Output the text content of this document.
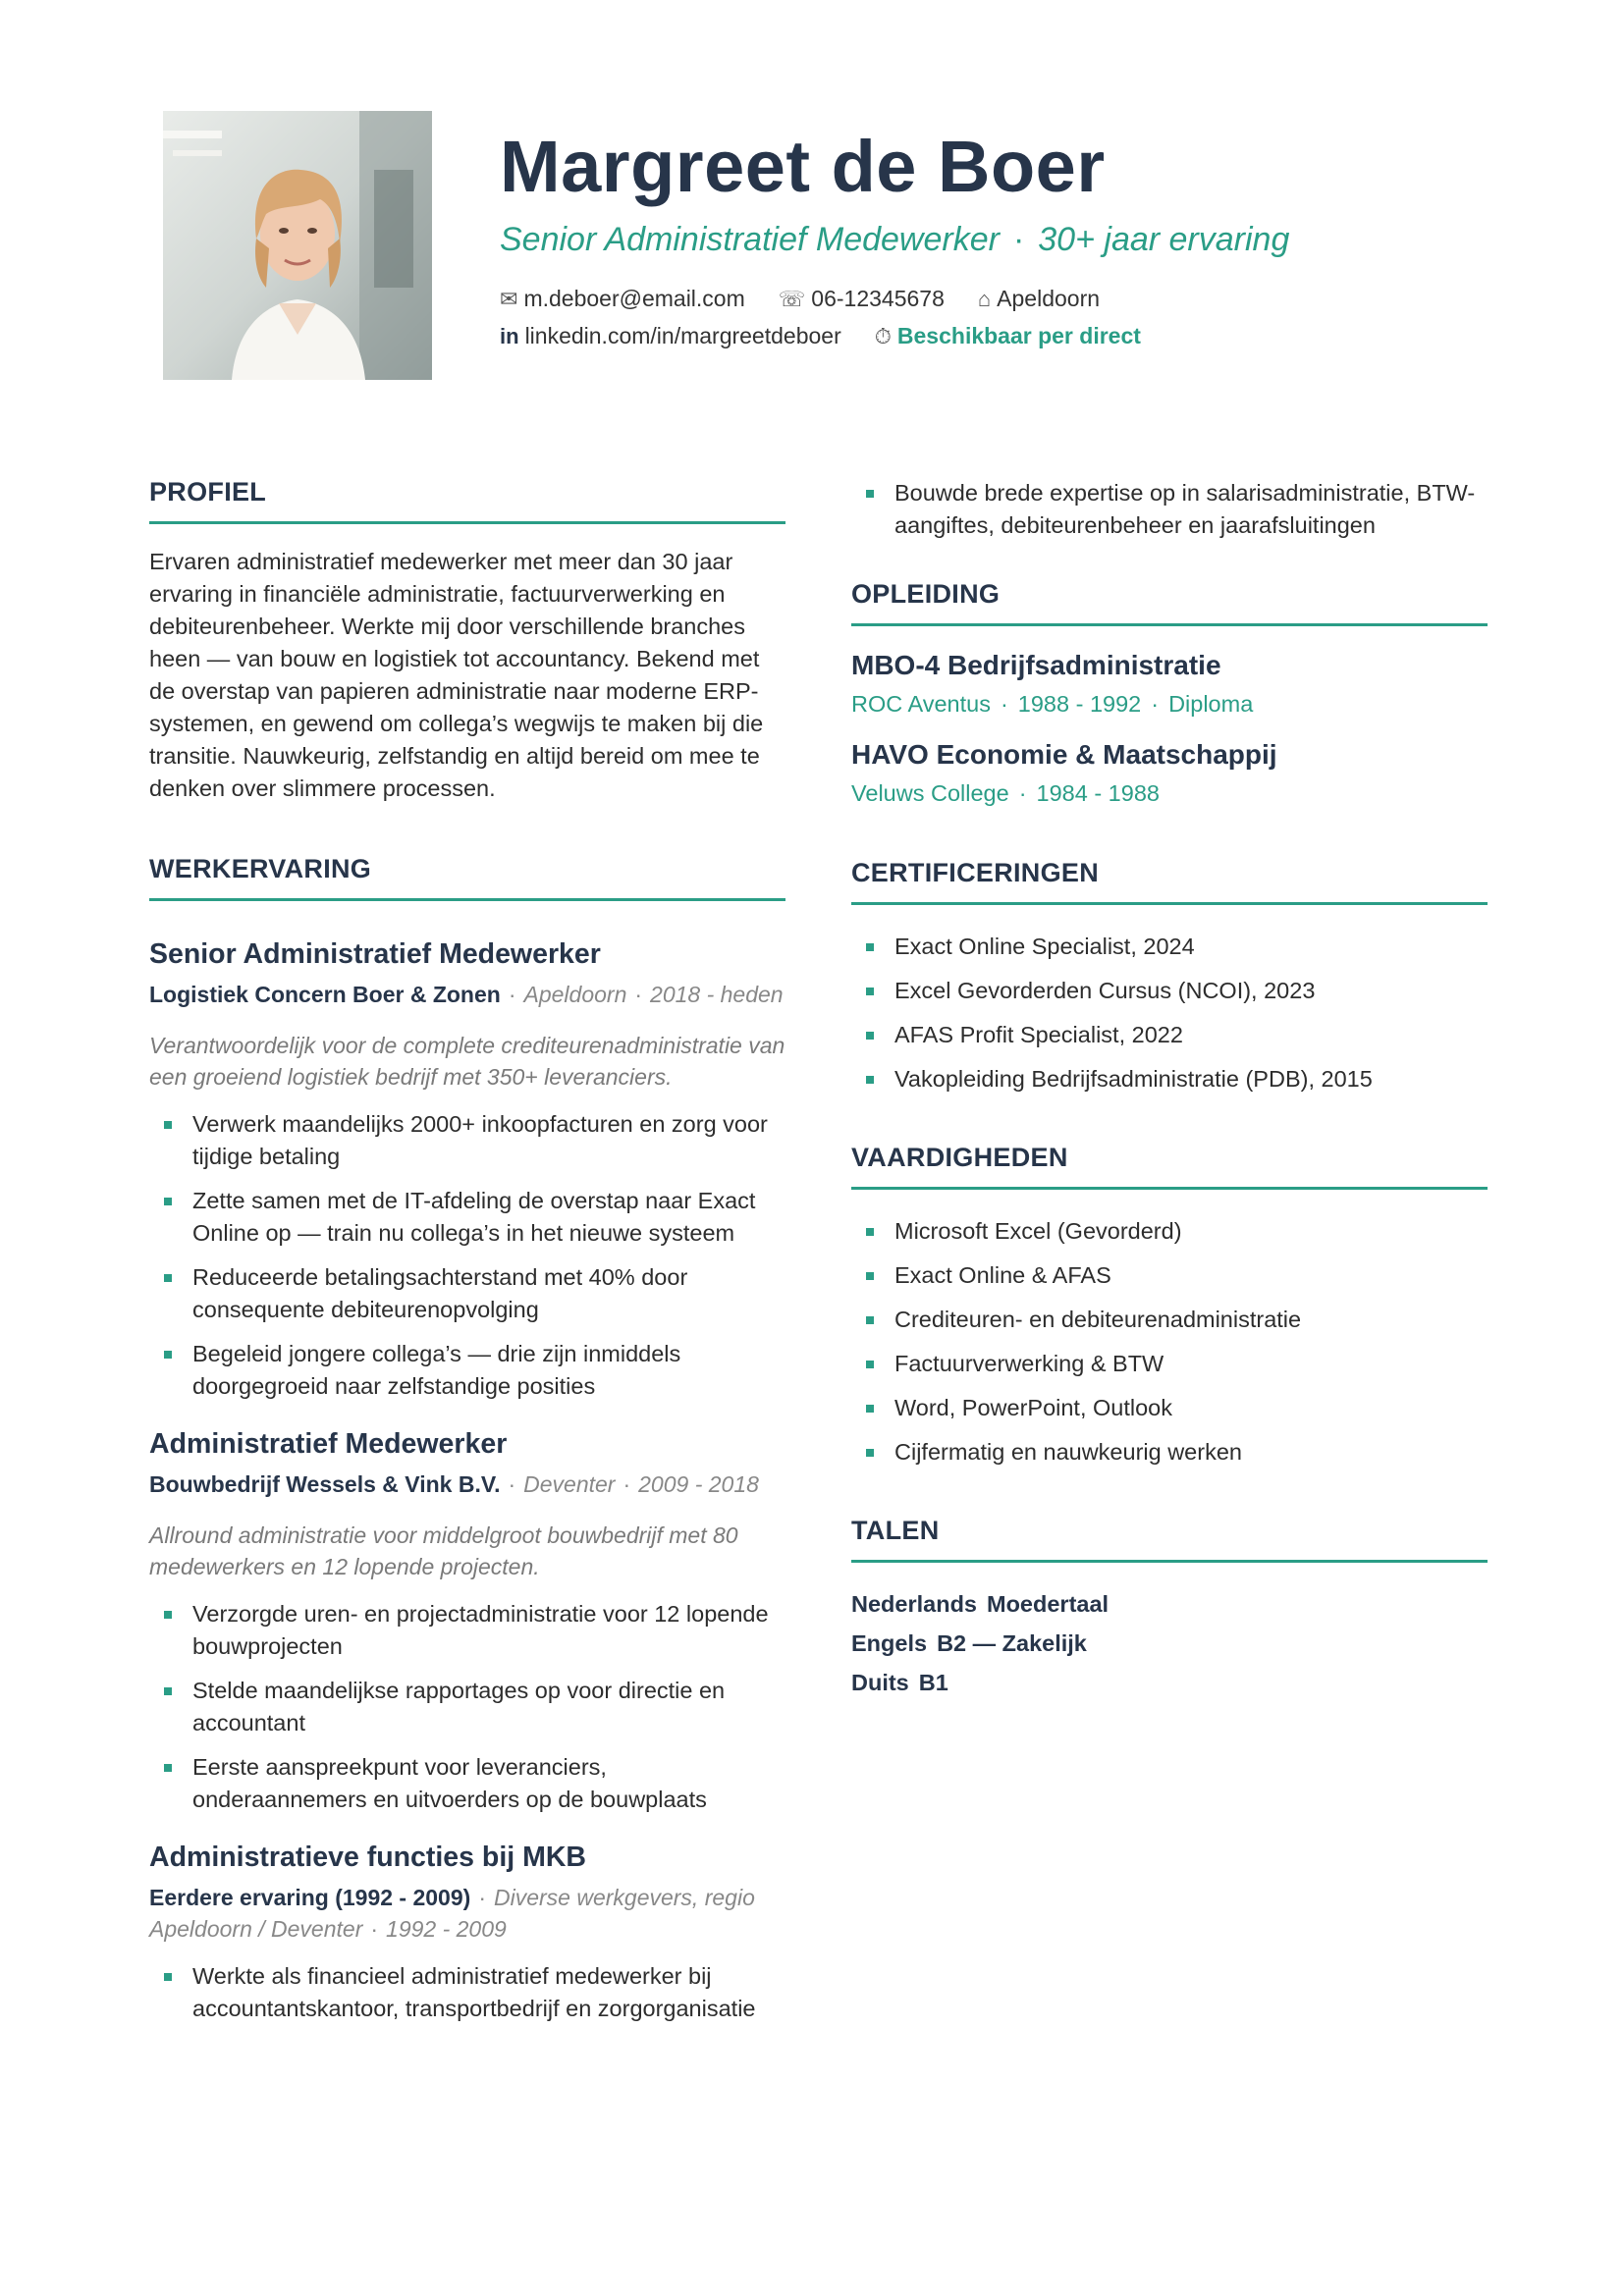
Margreet de Boer
Senior Administratief Medewerker · 30+ jaar ervaring
✉ m.deboer@email.com ☏ 06-12345678 ⌂ Apeldoorn
in linkedin.com/in/margreetdeboer ⏱ Beschikbaar per direct
PROFIEL
Ervaren administratief medewerker met meer dan 30 jaar ervaring in financiële administratie, factuurverwerking en debiteurenbeheer. Werkte mij door verschillende branches heen — van bouw en logistiek tot accountancy. Bekend met de overstap van papieren administratie naar moderne ERP-systemen, en gewend om collega’s wegwijs te maken bij die transitie. Nauwkeurig, zelfstandig en altijd bereid om mee te denken over slimmere processen.
WERKERVARING
Senior Administratief Medewerker
Logistiek Concern Boer & Zonen · Apeldoorn · 2018 - heden
Verantwoordelijk voor de complete crediteurenadministratie van een groeiend logistiek bedrijf met 350+ leveranciers.
Verwerk maandelijks 2000+ inkoopfacturen en zorg voor tijdige betaling
Zette samen met de IT-afdeling de overstap naar Exact Online op — train nu collega’s in het nieuwe systeem
Reduceerde betalingsachterstand met 40% door consequente debiteurenopvolging
Begeleid jongere collega’s — drie zijn inmiddels doorgegroeid naar zelfstandige posities
Administratief Medewerker
Bouwbedrijf Wessels & Vink B.V. · Deventer · 2009 - 2018
Allround administratie voor middelgroot bouwbedrijf met 80 medewerkers en 12 lopende projecten.
Verzorgde uren- en projectadministratie voor 12 lopende bouwprojecten
Stelde maandelijkse rapportages op voor directie en accountant
Eerste aanspreekpunt voor leveranciers, onderaannemers en uitvoerders op de bouwplaats
Administratieve functies bij MKB
Eerdere ervaring (1992 - 2009) · Diverse werkgevers, regio Apeldoorn / Deventer · 1992 - 2009
Werkte als financieel administratief medewerker bij accountantskantoor, transportbedrijf en zorgorganisatie
Bouwde brede expertise op in salarisadministratie, BTW-aangiftes, debiteurenbeheer en jaarafsluitingen
OPLEIDING
MBO-4 Bedrijfsadministratie
ROC Aventus · 1988 - 1992 · Diploma
HAVO Economie & Maatschappij
Veluws College · 1984 - 1988
CERTIFICERINGEN
Exact Online Specialist, 2024
Excel Gevorderden Cursus (NCOI), 2023
AFAS Profit Specialist, 2022
Vakopleiding Bedrijfsadministratie (PDB), 2015
VAARDIGHEDEN
Microsoft Excel (Gevorderd)
Exact Online & AFAS
Crediteuren- en debiteurenadministratie
Factuurverwerking & BTW
Word, PowerPoint, Outlook
Cijfermatig en nauwkeurig werken
TALEN
Nederlands Moedertaal
Engels B2 — Zakelijk
Duits B1
